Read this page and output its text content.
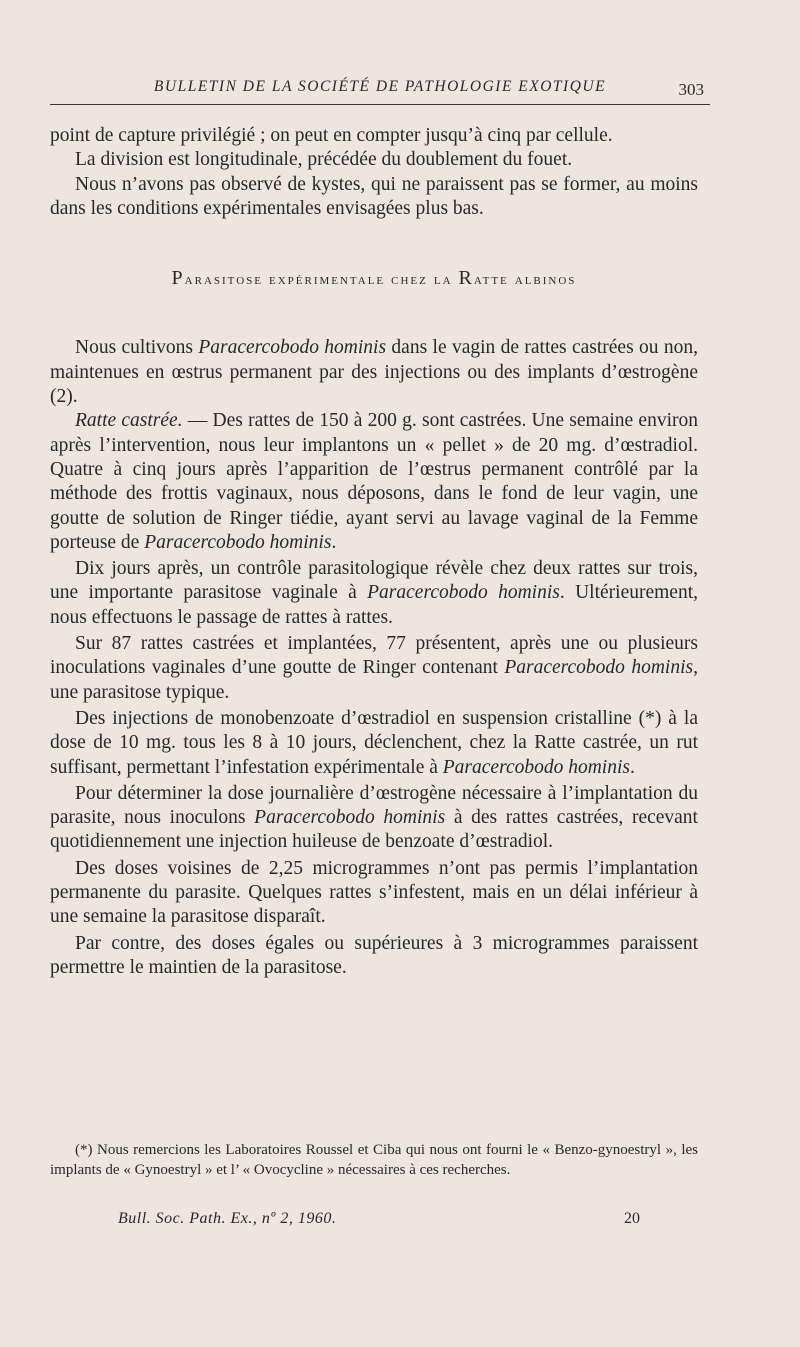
BULLETIN DE LA SOCIÉTÉ DE PATHOLOGIE EXOTIQUE	303

point de capture privilégié ; on peut en compter jusqu’à cinq par cellule.

La division est longitudinale, précédée du doublement du fouet.

Nous n’avons pas observé de kystes, qui ne paraissent pas se former, au moins dans les conditions expérimentales envisagées plus bas.

Parasitose expérimentale chez la Ratte albinos

Nous cultivons Paracercobodo hominis dans le vagin de rattes castrées ou non, maintenues en œstrus permanent par des injections ou des implants d’œstrogène (2).

Ratte castrée. — Des rattes de 150 à 200 g. sont castrées. Une semaine environ après l’intervention, nous leur implantons un « pellet » de 20 mg. d’œstradiol. Quatre à cinq jours après l’apparition de l’œstrus permanent contrôlé par la méthode des frottis vaginaux, nous déposons, dans le fond de leur vagin, une goutte de solution de Ringer tiédie, ayant servi au lavage vaginal de la Femme porteuse de Paracercobodo hominis.

Dix jours après, un contrôle parasitologique révèle chez deux rattes sur trois, une importante parasitose vaginale à Paracercobodo hominis. Ultérieurement, nous effectuons le passage de rattes à rattes.

Sur 87 rattes castrées et implantées, 77 présentent, après une ou plusieurs inoculations vaginales d’une goutte de Ringer contenant Paracercobodo hominis, une parasitose typique.

Des injections de monobenzoate d’œstradiol en suspension cristalline (*) à la dose de 10 mg. tous les 8 à 10 jours, déclenchent, chez la Ratte castrée, un rut suffisant, permettant l’infestation expérimentale à Paracercobodo hominis.

Pour déterminer la dose journalière d’œstrogène nécessaire à l’implantation du parasite, nous inoculons Paracercobodo hominis à des rattes castrées, recevant quotidiennement une injection huileuse de benzoate d’œstradiol.

Des doses voisines de 2,25 microgrammes n’ont pas permis l’implantation permanente du parasite. Quelques rattes s’infestent, mais en un délai inférieur à une semaine la parasitose disparaît.

Par contre, des doses égales ou supérieures à 3 microgrammes paraissent permettre le maintien de la parasitose.

(*) Nous remercions les Laboratoires Roussel et Ciba qui nous ont fourni le « Benzo-gynoestryl », les implants de « Gynoestryl » et l’ « Ovocycline » nécessaires à ces recherches.

Bull. Soc. Path. Ex., nº 2, 1960.	20
